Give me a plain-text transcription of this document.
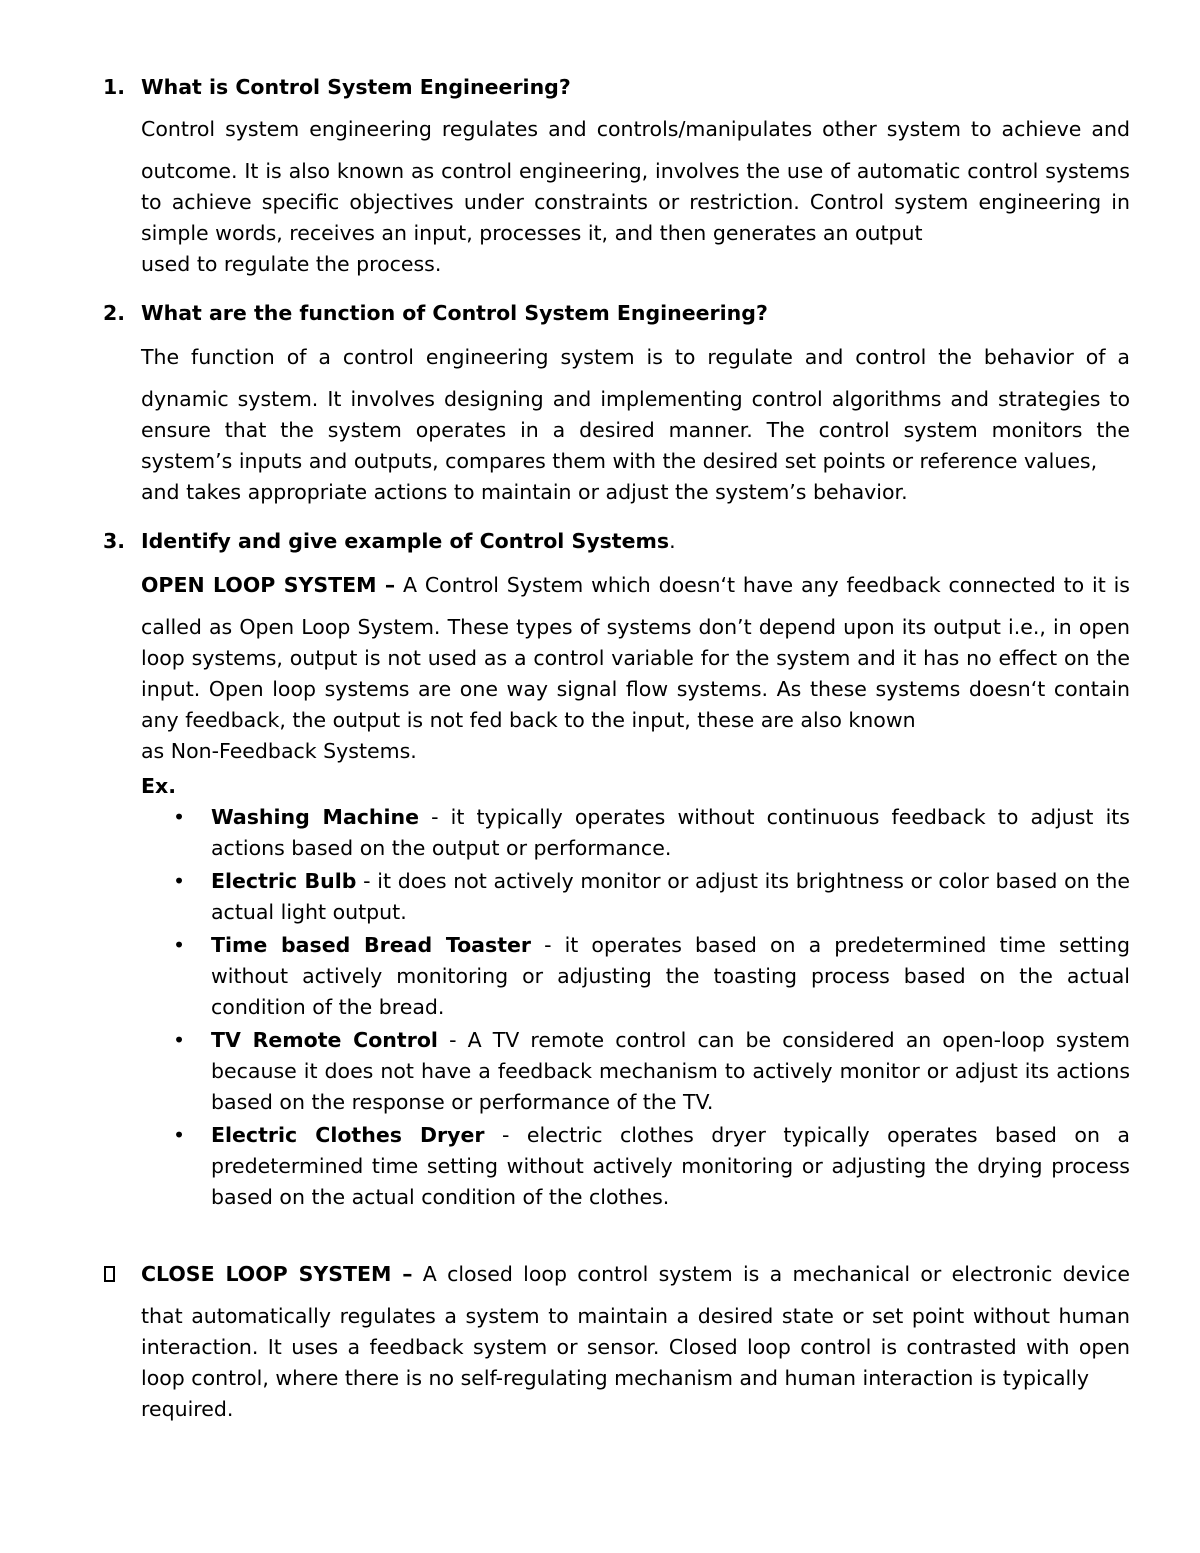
1. What is Control System Engineering?
Control system engineering regulates and controls/manipulates other system to achieve and
outcome. It is also known as control engineering, involves the use of automatic control systems to achieve specific objectives under constraints or restriction. Control system engineering in simple words, receives an input, processes it, and then generates an output
used to regulate the process.
2. What are the function of Control System Engineering?
The function of a control engineering system is to regulate and control the behavior of a
dynamic system. It involves designing and implementing control algorithms and strategies to ensure that the system operates in a desired manner. The control system monitors the system’s inputs and outputs, compares them with the desired set points or reference values,
and takes appropriate actions to maintain or adjust the system’s behavior.
3. Identify and give example of Control Systems.
OPEN LOOP SYSTEM – A Control System which doesn‘t have any feedback connected to it is
called as Open Loop System. These types of systems don’t depend upon its output i.e., in open loop systems, output is not used as a control variable for the system and it has no effect on the input. Open loop systems are one way signal flow systems. As these systems doesn‘t contain any feedback, the output is not fed back to the input, these are also known
as Non-Feedback Systems.
Ex.
•	Washing Machine - it typically operates without continuous feedback to adjust its actions based on the output or performance.
•	Electric Bulb - it does not actively monitor or adjust its brightness or color based on the actual light output.
•	Time based Bread Toaster - it operates based on a predetermined time setting without actively monitoring or adjusting the toasting process based on the actual condition of the bread.
•	TV Remote Control - A TV remote control can be considered an open-loop system because it does not have a feedback mechanism to actively monitor or adjust its actions based on the response or performance of the TV.
•	Electric Clothes Dryer - electric clothes dryer typically operates based on a predetermined time setting without actively monitoring or adjusting the drying process based on the actual condition of the clothes.
CLOSE LOOP SYSTEM – A closed loop control system is a mechanical or electronic device
that automatically regulates a system to maintain a desired state or set point without human interaction. It uses a feedback system or sensor. Closed loop control is contrasted with open loop control, where there is no self-regulating mechanism and human interaction is typically
required.
